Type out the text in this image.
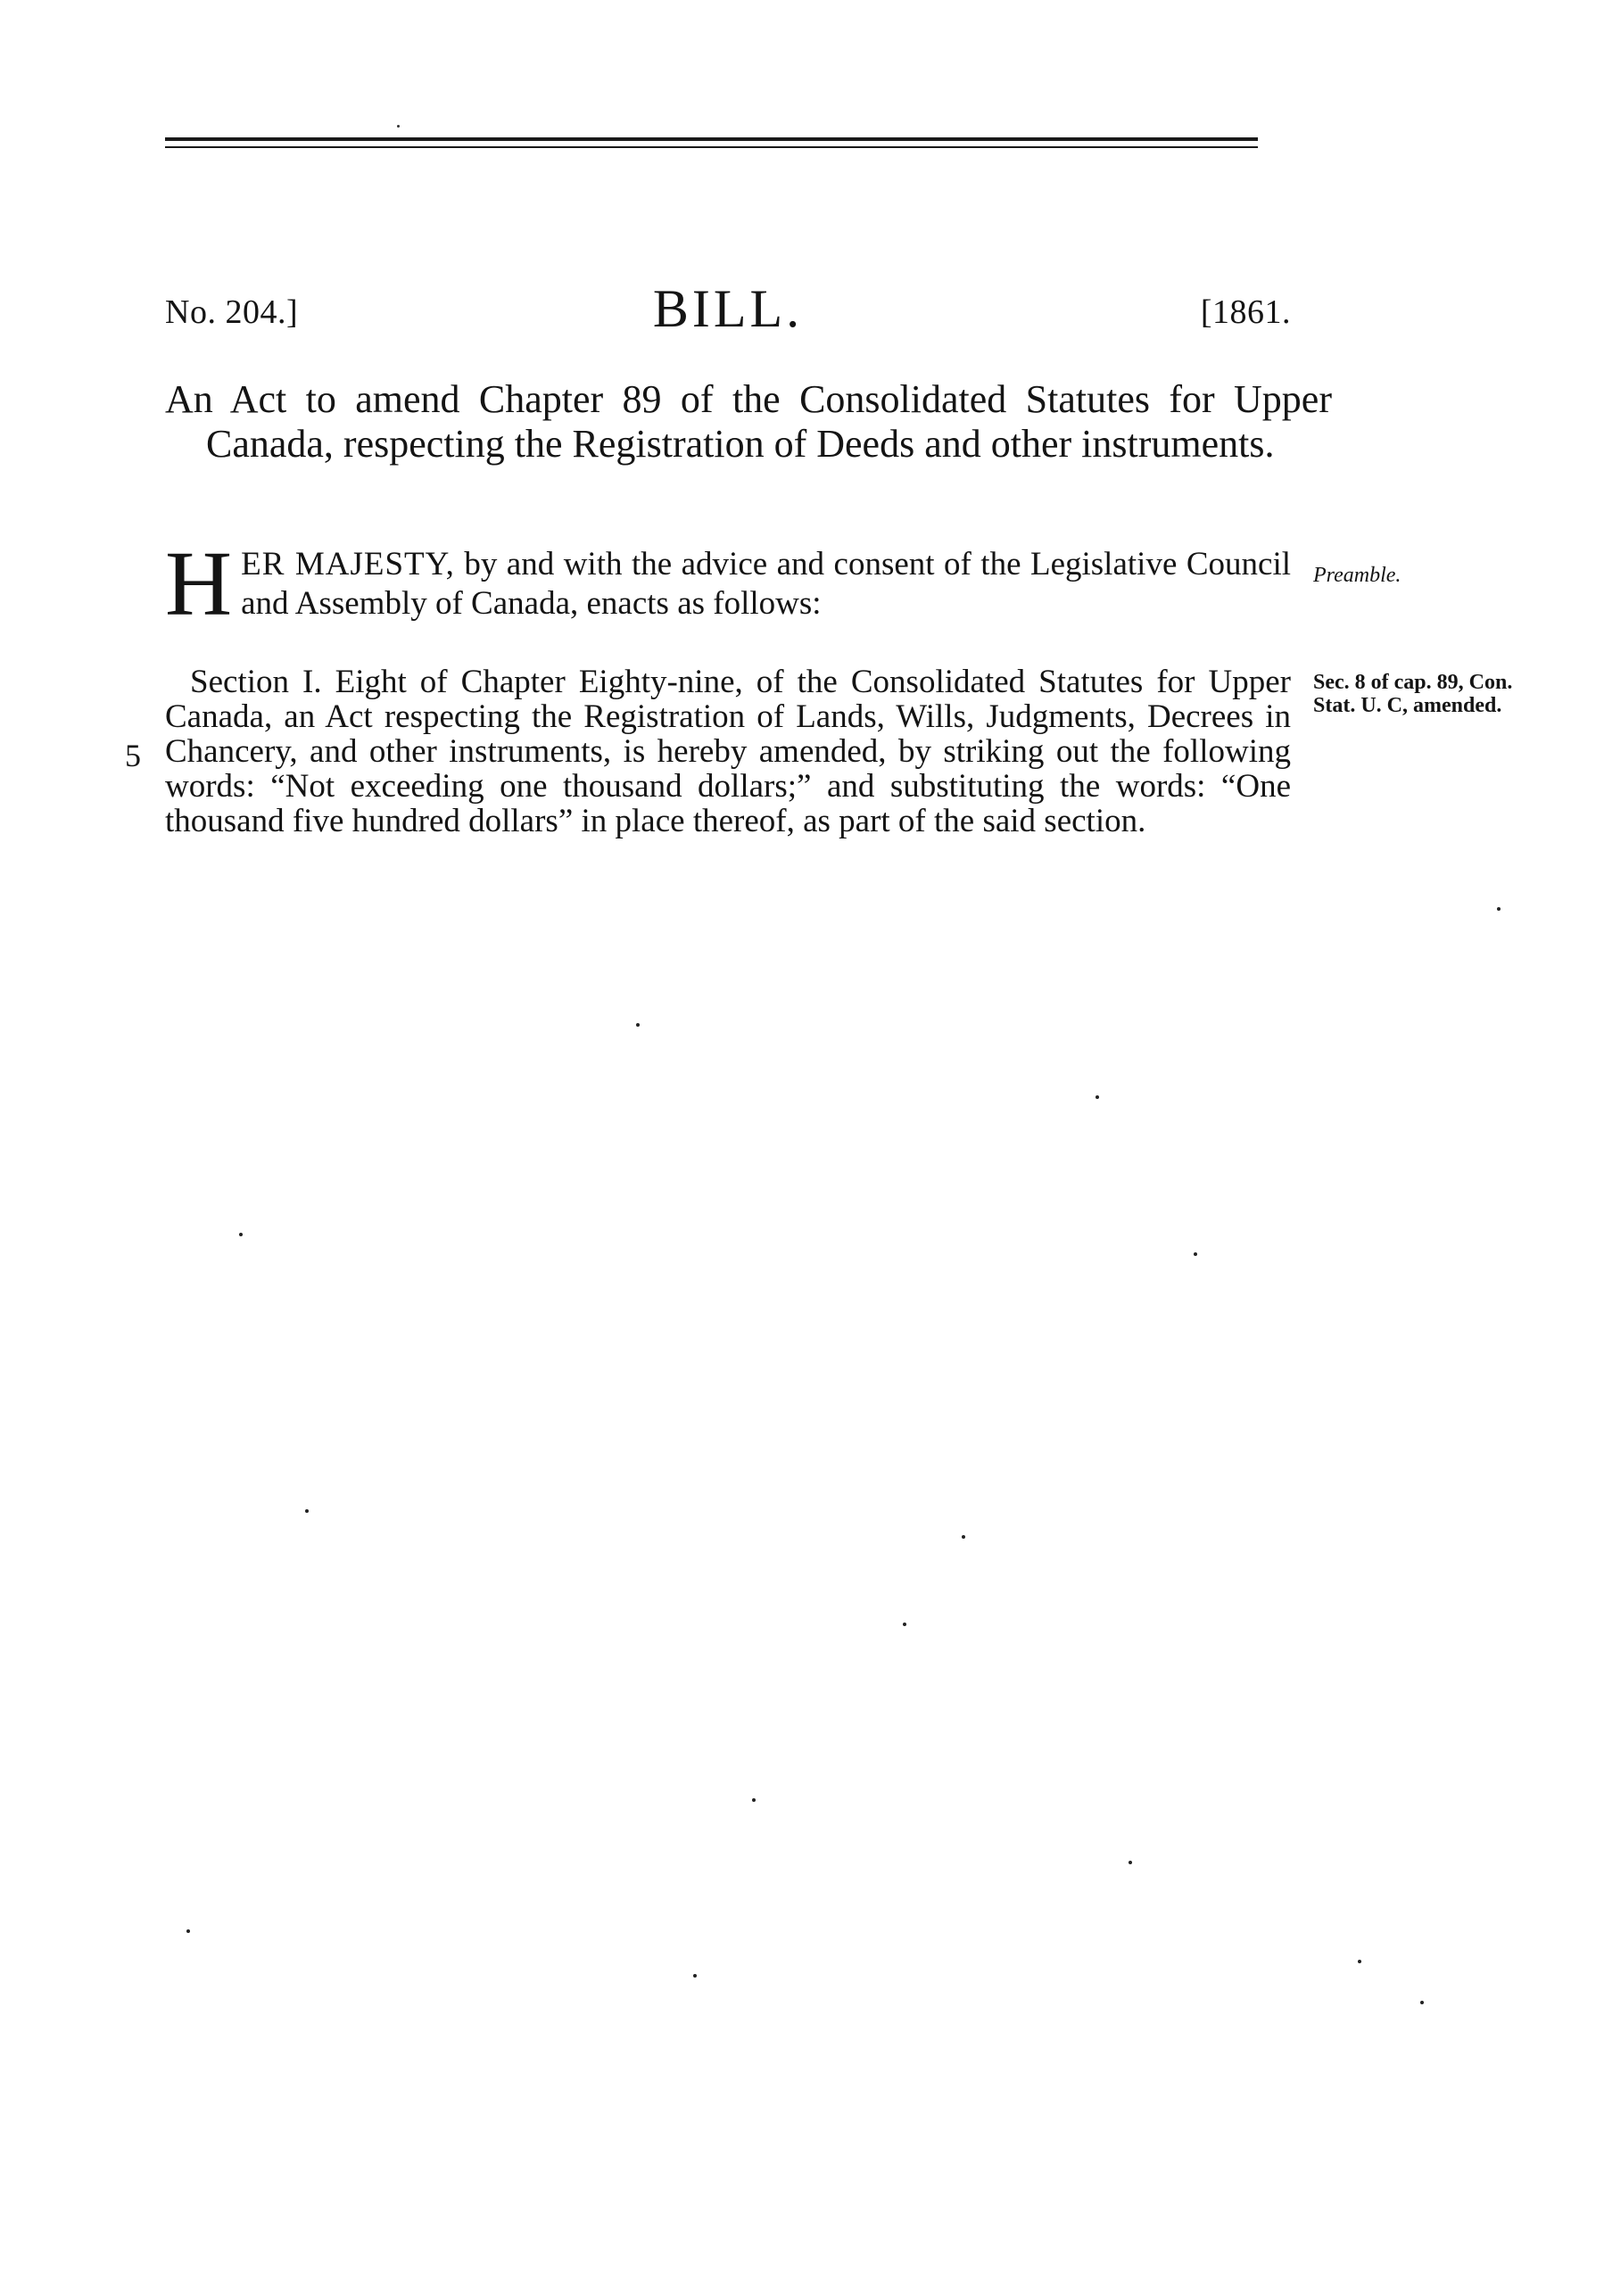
No. 204.]	BILL.	[1861.

An Act to amend Chapter 89 of the Consolidated Statutes for Upper Canada, respecting the Registration of Deeds and other instruments.

HER MAJESTY, by and with the advice and consent of the Legislative Council and Assembly of Canada, enacts as follows:

Preamble.

Section I. Eight of Chapter Eighty-nine, of the Consolidated Statutes for Upper Canada, an Act respecting the Registration of Lands, Wills, Judgments, Decrees in Chancery, and other instruments, is hereby amended, by striking out the following words: “Not exceeding one thousand dollars;” and substituting the words: “One thousand five hundred dollars” in place thereof, as part of the said section.

5
Sec. 8 of cap. 89, Con. Stat. U. C, amended.
